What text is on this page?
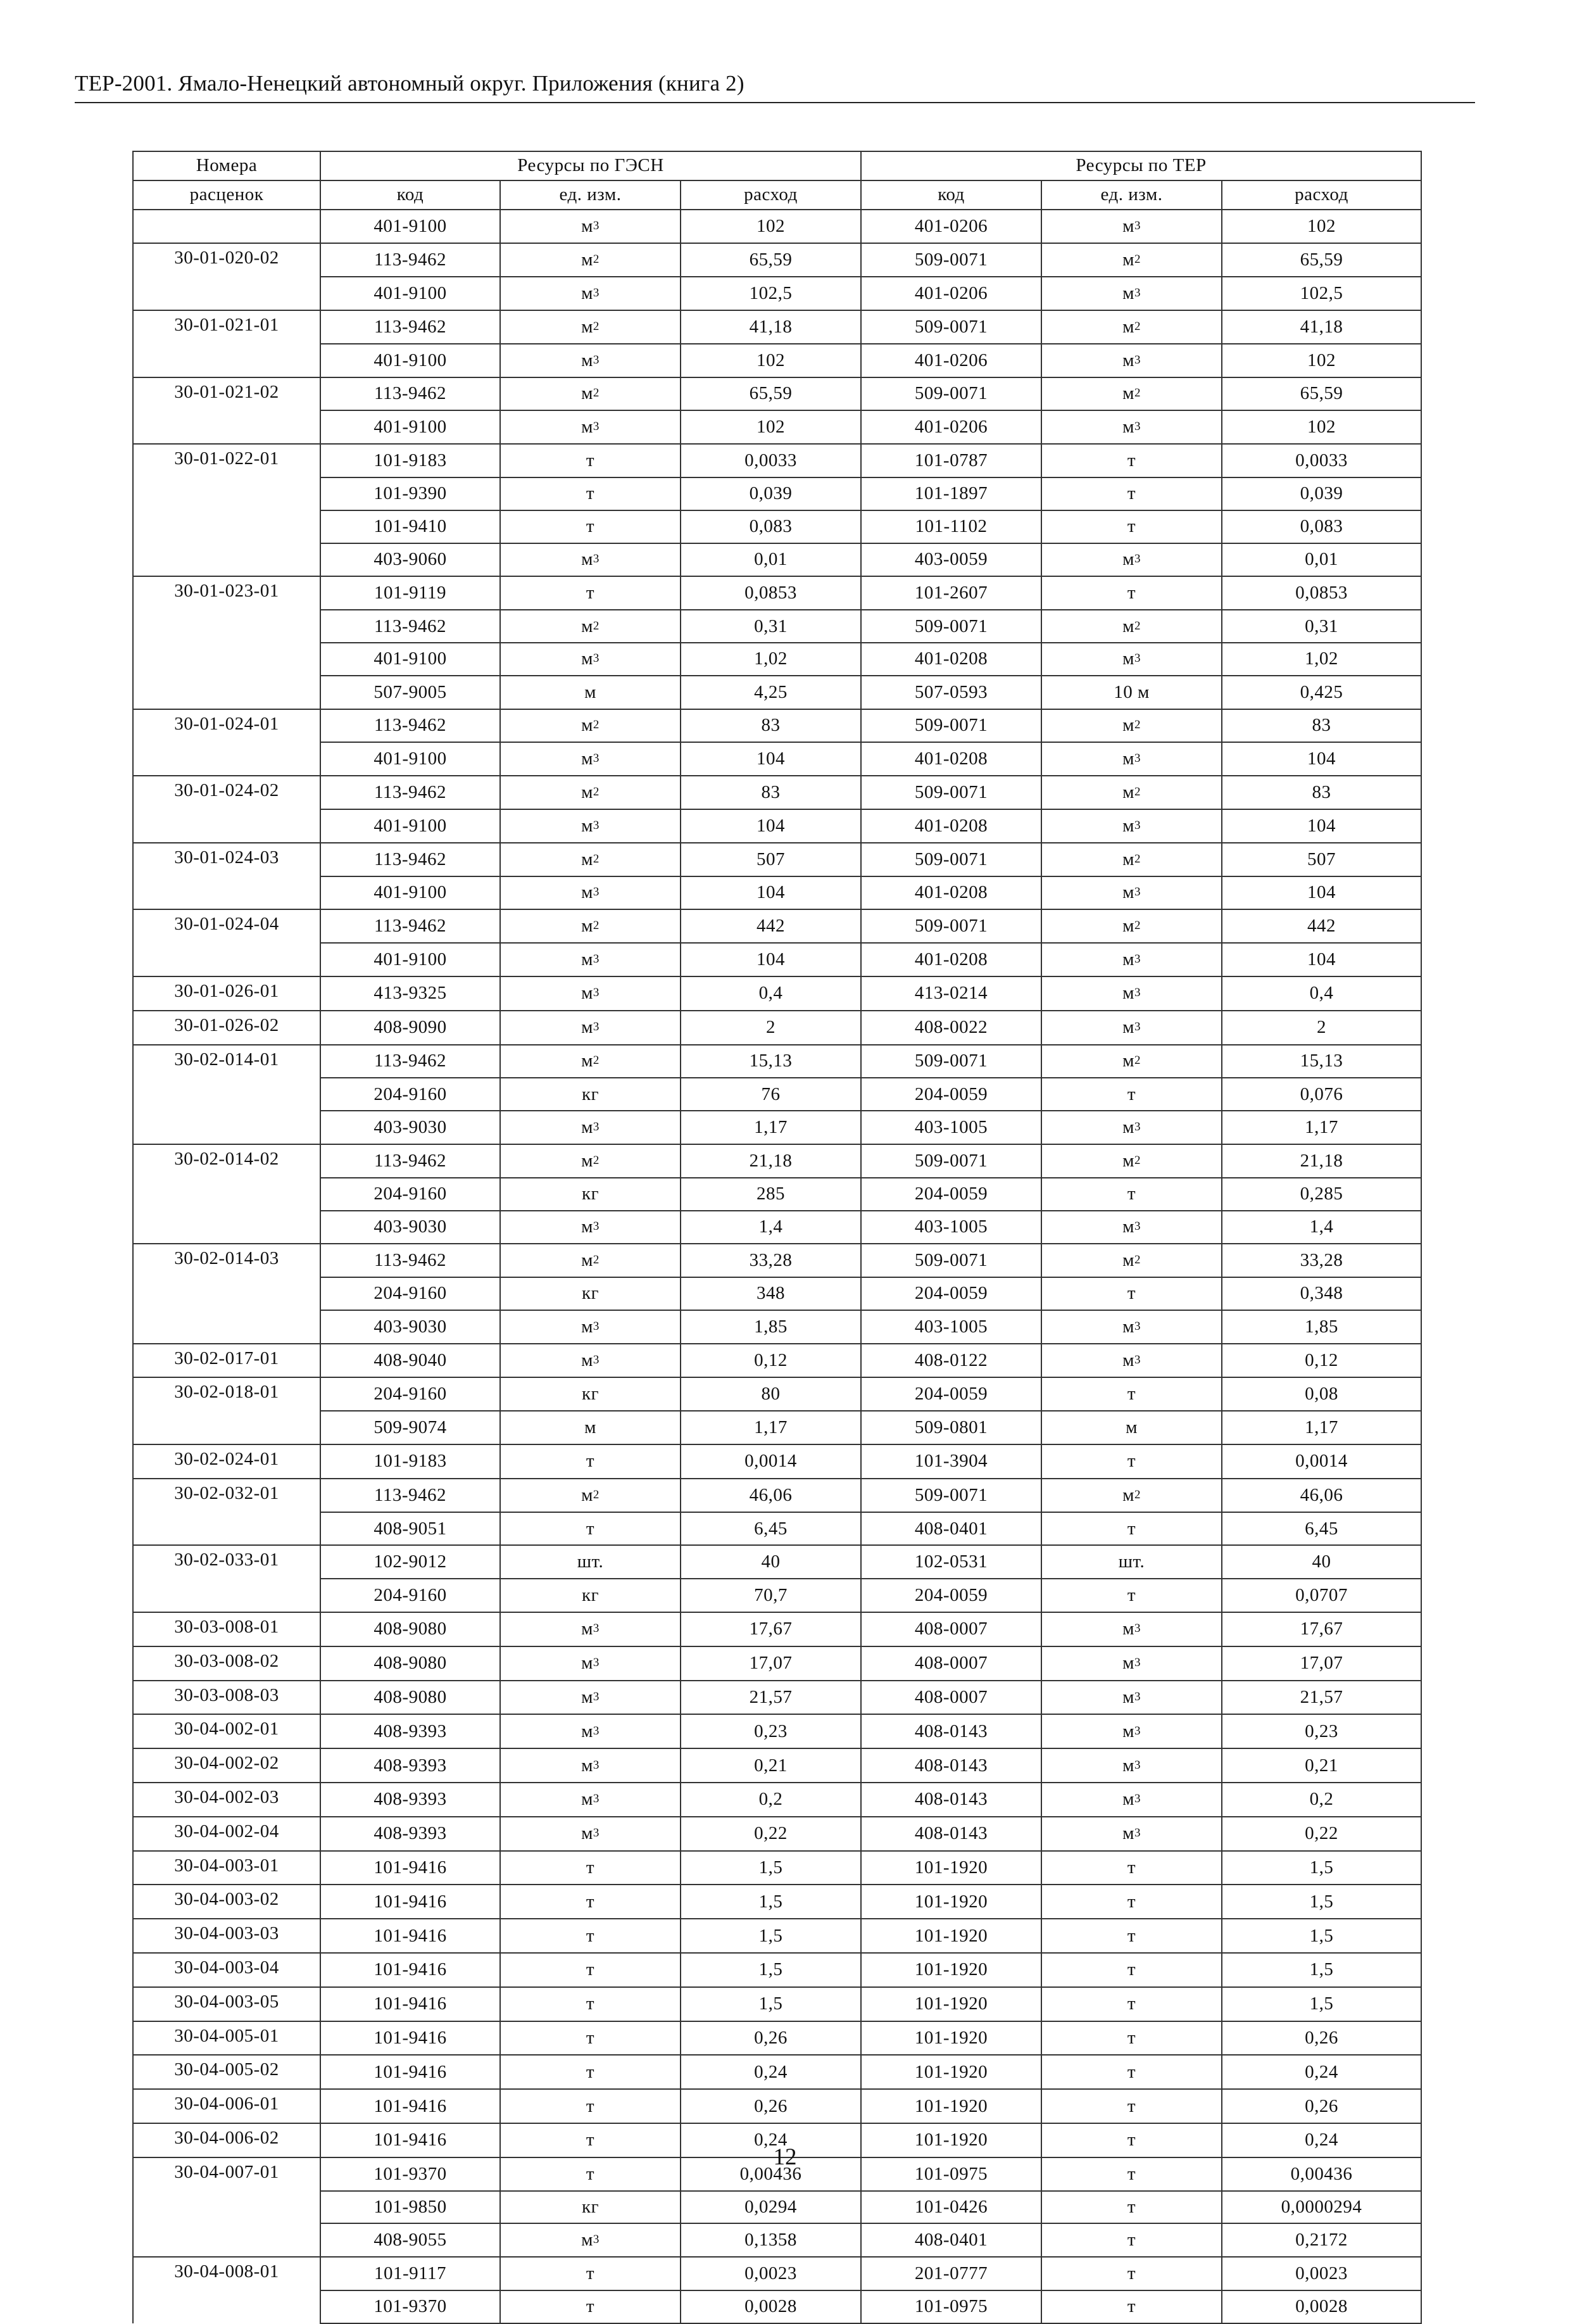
ТЕР-2001. Ямало-Ненецкий автономный округ. Приложения (книга 2)
Номера	Ресурсы по ГЭСН			Ресурсы по ТЕР		
расценок	код	ед. изм.	расход	код	ед. изм.	расход
	401-9100	$м^3$	102	401-0206	$м^3$	102
30-01-020-02	113-9462	$м^2$	65,59	509-0071	$м^2$	65,59
	401-9100	$м^3$	102,5	401-0206	$м^3$	102,5
30-01-021-01	113-9462	$м^2$	41,18	509-0071	$м^2$	41,18
	401-9100	$м^3$	102	401-0206	$м^3$	102
30-01-021-02	113-9462	$м^2$	65,59	509-0071	$м^2$	65,59
	401-9100	$м^3$	102	401-0206	$м^3$	102
30-01-022-01	101-9183	т	0,0033	101-0787	т	0,0033
	101-9390	т	0,039	101-1897	т	0,039
	101-9410	т	0,083	101-1102	т	0,083
	403-9060	$м^3$	0,01	403-0059	$м^3$	0,01
30-01-023-01	101-9119	т	0,0853	101-2607	т	0,0853
	113-9462	$м^2$	0,31	509-0071	$м^2$	0,31
	401-9100	$м^3$	1,02	401-0208	$м^3$	1,02
	507-9005	м	4,25	507-0593	10 м	0,425
30-01-024-01	113-9462	$м^2$	83	509-0071	$м^2$	83
	401-9100	$м^3$	104	401-0208	$м^3$	104
30-01-024-02	113-9462	$м^2$	83	509-0071	$м^2$	83
	401-9100	$м^3$	104	401-0208	$м^3$	104
30-01-024-03	113-9462	$м^2$	507	509-0071	$м^2$	507
	401-9100	$м^3$	104	401-0208	$м^3$	104
30-01-024-04	113-9462	$м^2$	442	509-0071	$м^2$	442
	401-9100	$м^3$	104	401-0208	$м^3$	104
30-01-026-01	413-9325	$м^3$	0,4	413-0214	$м^3$	0,4
30-01-026-02	408-9090	$м^3$	2	408-0022	$м^3$	2
30-02-014-01	113-9462	$м^2$	15,13	509-0071	$м^2$	15,13
	204-9160	кг	76	204-0059	т	0,076
	403-9030	$м^3$	1,17	403-1005	$м^3$	1,17
30-02-014-02	113-9462	$м^2$	21,18	509-0071	$м^2$	21,18
	204-9160	кг	285	204-0059	т	0,285
	403-9030	$м^3$	1,4	403-1005	$м^3$	1,4
30-02-014-03	113-9462	$м^2$	33,28	509-0071	$м^2$	33,28
	204-9160	кг	348	204-0059	т	0,348
	403-9030	$м^3$	1,85	403-1005	$м^3$	1,85
30-02-017-01	408-9040	$м^3$	0,12	408-0122	$м^3$	0,12
30-02-018-01	204-9160	кг	80	204-0059	т	0,08
	509-9074	м	1,17	509-0801	м	1,17
30-02-024-01	101-9183	т	0,0014	101-3904	т	0,0014
30-02-032-01	113-9462	$м^2$	46,06	509-0071	$м^2$	46,06
	408-9051	т	6,45	408-0401	т	6,45
30-02-033-01	102-9012	шт.	40	102-0531	шт.	40
	204-9160	кг	70,7	204-0059	т	0,0707
30-03-008-01	408-9080	$м^3$	17,67	408-0007	$м^3$	17,67
30-03-008-02	408-9080	$м^3$	17,07	408-0007	$м^3$	17,07
30-03-008-03	408-9080	$м^3$	21,57	408-0007	$м^3$	21,57
30-04-002-01	408-9393	$м^3$	0,23	408-0143	$м^3$	0,23
30-04-002-02	408-9393	$м^3$	0,21	408-0143	$м^3$	0,21
30-04-002-03	408-9393	$м^3$	0,2	408-0143	$м^3$	0,2
30-04-002-04	408-9393	$м^3$	0,22	408-0143	$м^3$	0,22
30-04-003-01	101-9416	т	1,5	101-1920	т	1,5
30-04-003-02	101-9416	т	1,5	101-1920	т	1,5
30-04-003-03	101-9416	т	1,5	101-1920	т	1,5
30-04-003-04	101-9416	т	1,5	101-1920	т	1,5
30-04-003-05	101-9416	т	1,5	101-1920	т	1,5
30-04-005-01	101-9416	т	0,26	101-1920	т	0,26
30-04-005-02	101-9416	т	0,24	101-1920	т	0,24
30-04-006-01	101-9416	т	0,26	101-1920	т	0,26
30-04-006-02	101-9416	т	0,24	101-1920	т	0,24
30-04-007-01	101-9370	т	0,00436	101-0975	т	0,00436
	101-9850	кг	0,0294	101-0426	т	0,0000294
	408-9055	$м^3$	0,1358	408-0401	т	0,2172
30-04-008-01	101-9117	т	0,0023	201-0777	т	0,0023
	101-9370	т	0,0028	101-0975	т	0,0028
12
